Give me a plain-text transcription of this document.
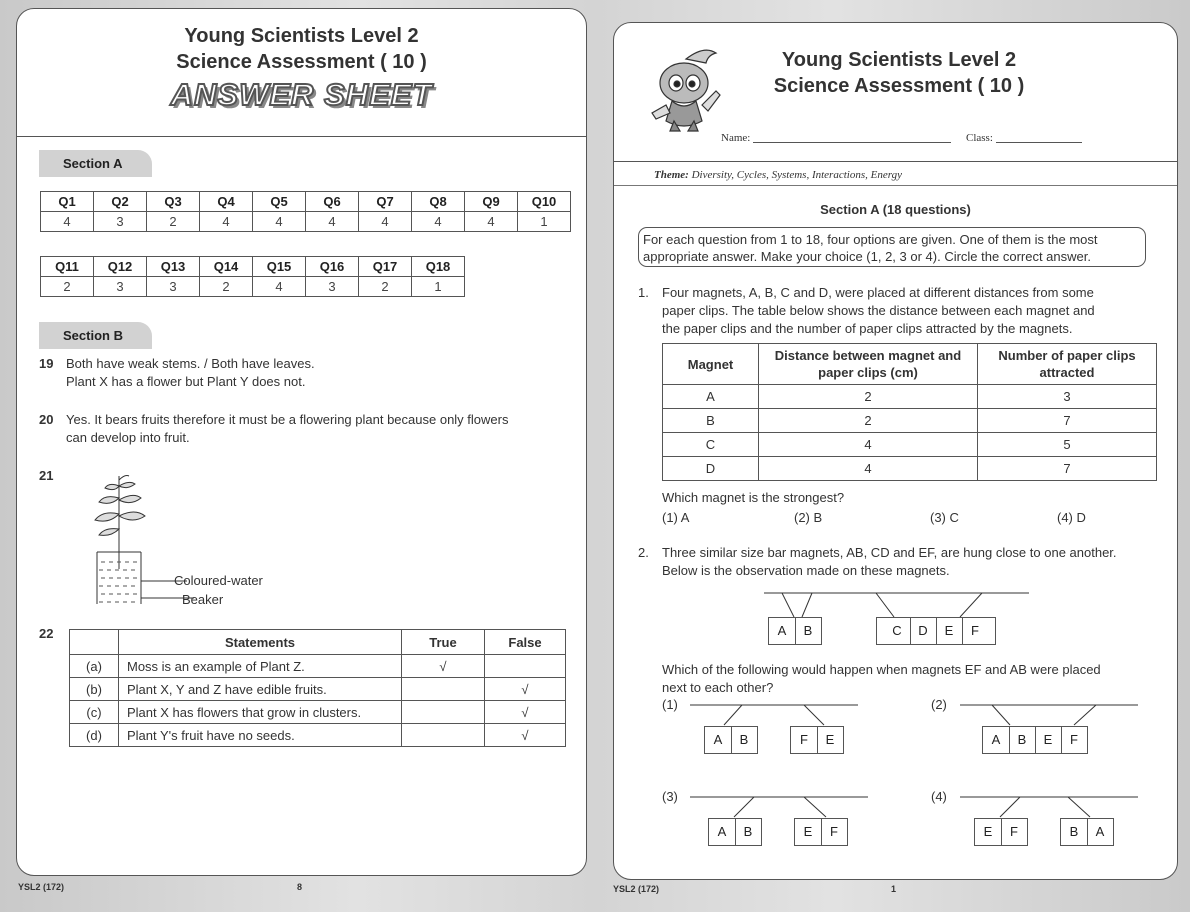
Young Scientists Level 2
Science Assessment ( 10 )
ANSWER SHEET
Section A
Q1	Q2	Q3	Q4	Q5	Q6	Q7	Q8	Q9	Q10
4	3	2	4	4	4	4	4	4	1
Q11	Q12	Q13	Q14	Q15	Q16	Q17	Q18
2	3	3	2	4	3	2	1
Section B
19 Both have weak stems. / Both have leaves.
Plant X has a flower but Plant Y does not.
20 Yes. It bears fruits therefore it must be a flowering plant because only flowers
can develop into fruit.
21
Coloured-water
Beaker
22
	Statements	True	False
(a)	Moss is an example of Plant Z.	√	
(b)	Plant X, Y and Z have edible fruits.		√
(c)	Plant X has flowers that grow in clusters.		√
(d)	Plant Y's fruit have no seeds.		√
YSL2 (172)	8
Young Scientists Level 2
Science Assessment ( 10 )
Name:	Class:
Theme: Diversity, Cycles, Systems, Interactions, Energy
Section A (18 questions)
For each question from 1 to 18, four options are given. One of them is the most
appropriate answer. Make your choice (1, 2, 3 or 4). Circle the correct answer.
1. Four magnets, A, B, C and D, were placed at different distances from some
paper clips. The table below shows the distance between each magnet and
the paper clips and the number of paper clips attracted by the magnets.
Magnet	Distance between magnet and paper clips (cm)	Number of paper clips attracted
A	2	3
B	2	7
C	4	5
D	4	7
Which magnet is the strongest?
(1) A	(2) B	(3) C	(4) D
2. Three similar size bar magnets, AB, CD and EF, are hung close to one another.
Below is the observation made on these magnets.
A B	C D E F
Which of the following would happen when magnets EF and AB were placed
next to each other?
(1)
A B	F E
(2)
A B E F
(3)
A B	E F
(4)
E F	B A
YSL2 (172)	1
